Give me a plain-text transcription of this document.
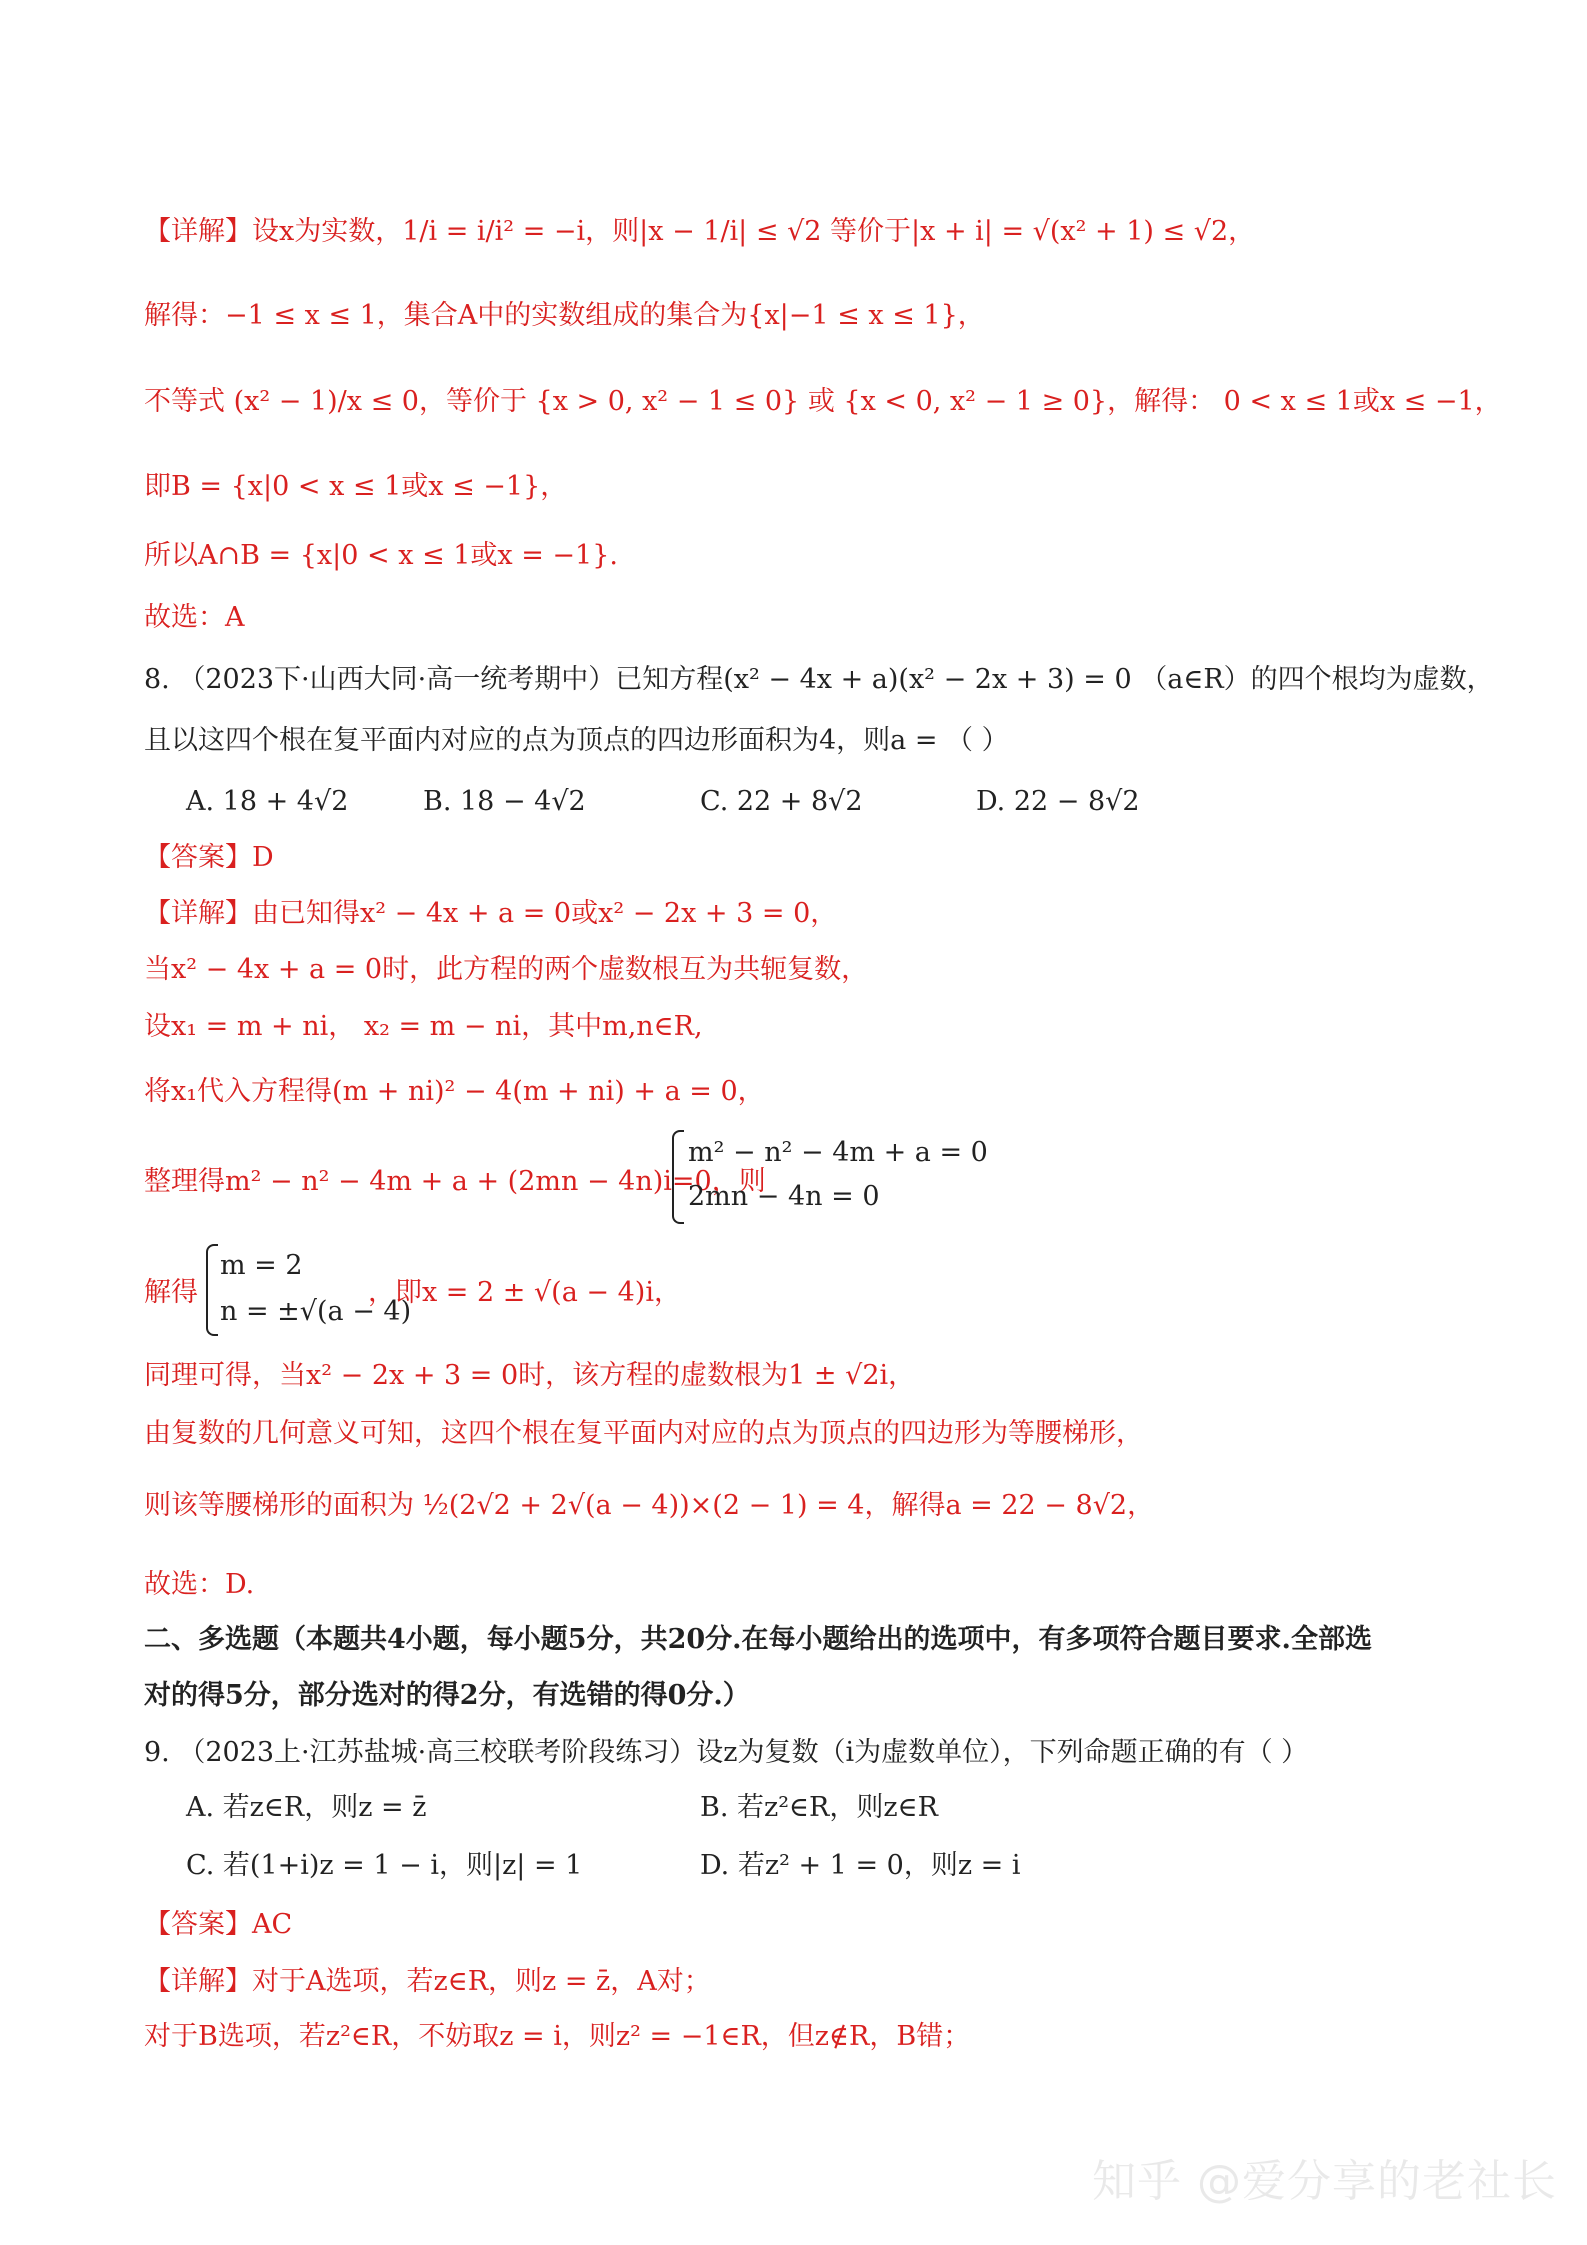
【详解】设x为实数，1/i = i/i² = −i，则|x − 1/i| ≤ √2 等价于|x + i| = √(x² + 1) ≤ √2，
解得：−1 ≤ x ≤ 1，集合A中的实数组成的集合为{x|−1 ≤ x ≤ 1}，
不等式 (x² − 1)/x ≤ 0，等价于 {x > 0, x² − 1 ≤ 0} 或 {x < 0, x² − 1 ≥ 0}，解得： 0 < x ≤ 1或x ≤ −1，
即B = {x|0 < x ≤ 1或x ≤ −1}，
所以A∩B = {x|0 < x ≤ 1或x = −1}.
故选：A
8. （2023下·山西大同·高一统考期中）已知方程(x² − 4x + a)(x² − 2x + 3) = 0 （a∈R）的四个根均为虚数，
且以这四个根在复平面内对应的点为顶点的四边形面积为4，则a = （ ）
A. 18 + 4√2	B. 18 − 4√2	C. 22 + 8√2	D. 22 − 8√2
【答案】D
【详解】由已知得x² − 4x + a = 0或x² − 2x + 3 = 0，
当x² − 4x + a = 0时，此方程的两个虚数根互为共轭复数，
设x₁ = m + ni， x₂ = m − ni，其中m,n∈R,
将x₁代入方程得(m + ni)² − 4(m + ni) + a = 0，
整理得m² − n² − 4m + a + (2mn − 4n)i=0，则
m² − n² − 4m + a = 0
2mn − 4n = 0
解得
m = 2
n = ±√(a − 4)
，即x = 2 ± √(a − 4)i，
同理可得，当x² − 2x + 3 = 0时，该方程的虚数根为1 ± √2i，
由复数的几何意义可知，这四个根在复平面内对应的点为顶点的四边形为等腰梯形，
则该等腰梯形的面积为 ½(2√2 + 2√(a − 4))×(2 − 1) = 4，解得a = 22 − 8√2，
故选：D.
二、多选题（本题共4小题，每小题5分，共20分.在每小题给出的选项中，有多项符合题目要求.全部选
对的得5分，部分选对的得2分，有选错的得0分.）
9. （2023上·江苏盐城·高三校联考阶段练习）设z为复数（i为虚数单位），下列命题正确的有（ ）
A. 若z∈R，则z = z̄	B. 若z²∈R，则z∈R
C. 若(1+i)z = 1 − i，则|z| = 1	D. 若z² + 1 = 0，则z = i
【答案】AC
【详解】对于A选项，若z∈R，则z = z̄，A对；
对于B选项，若z²∈R，不妨取z = i，则z² = −1∈R，但z∉R，B错；
知乎 @爱分享的老社长
